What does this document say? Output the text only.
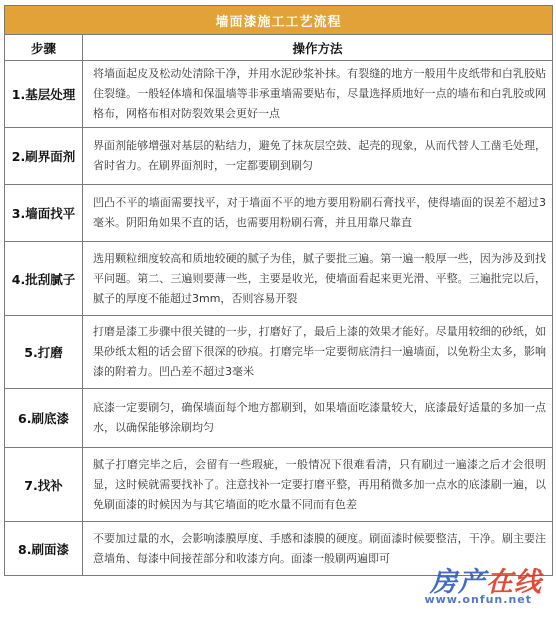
墙面漆施工工艺流程	
步骤	操作方法
1.基层处理	将墙面起皮及松动处清除干净，并用水泥砂浆补抹。有裂缝的地方一般用牛皮纸带和白乳胶贴住裂缝。一般轻体墙和保温墙等非承重墙需要贴布，尽量选择质地好一点的墙布和白乳胶或网格布，网格布相对防裂效果会更好一点
2.刷界面剂	界面剂能够增强对基层的粘结力，避免了抹灰层空鼓、起壳的现象，从而代替人工凿毛处理，省时省力。在刷界面剂时，一定都要刷到刷匀
3.墙面找平	凹凸不平的墙面需要找平，对于墙面不平的地方要用粉刷石膏找平，使得墙面的误差不超过3毫米。阴阳角如果不直的话，也需要用粉刷石膏，并且用靠尺靠直
4.批刮腻子	选用颗粒细度较高和质地较硬的腻子为佳，腻子要批三遍。第一遍一般厚一些，因为涉及到找平问题。第二、三遍则要薄一些，主要是收光，使墙面看起来更光滑、平整。三遍批完以后，腻子的厚度不能超过3mm，否则容易开裂
5.打磨	打磨是漆工步骤中很关键的一步，打磨好了，最后上漆的效果才能好。尽量用较细的砂纸，如果砂纸太粗的话会留下很深的砂痕。打磨完毕一定要彻底清扫一遍墙面，以免粉尘太多，影响漆的附着力。凹凸差不超过3毫米
6.刷底漆	底漆一定要刷匀，确保墙面每个地方都刷到，如果墙面吃漆量较大，底漆最好适量的多加一点水，以确保能够涂刷均匀
7.找补	腻子打磨完毕之后，会留有一些瑕疵，一般情况下很难看清，只有刷过一遍漆之后才会很明显，这时候就需要找补了。注意找补一定要打磨平整，再用稍微多加一点水的底漆刷一遍，以免刷面漆的时候因为与其它墙面的吃水量不同而有色差
8.刷面漆	不要加过量的水，会影响漆膜厚度、手感和漆膜的硬度。刷面漆时候要整洁，干净。刷主要注意墙角、每漆中间接茬部分和收漆方向。面漆一般刷两遍即可
房产在线
www.onfun.net
